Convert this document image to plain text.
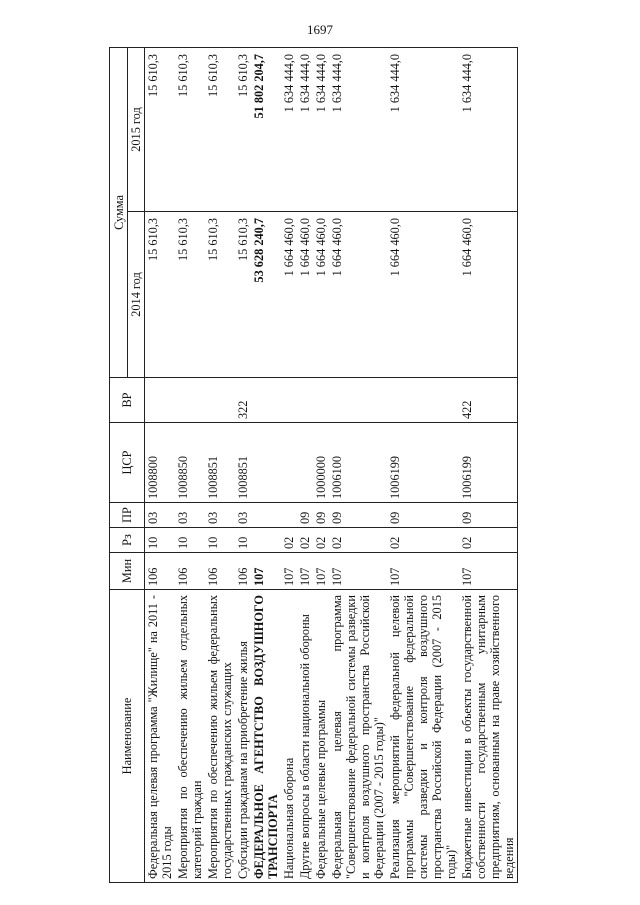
1697
Наименование	Мин	Рз	ПР	ЦСР	ВР	Сумма	
						2014 год	2015 год
Федеральная целевая программа "Жилище" на 2011 - 2015 годы	106	10	03	1008800		15 610,3	15 610,3
Мероприятия по обеспечению жильем отдельных категорий граждан	106	10	03	1008850		15 610,3	15 610,3
Мероприятия по обеспечению жильем федеральных государственных гражданских служащих	106	10	03	1008851		15 610,3	15 610,3
Субсидии гражданам на приобретение жилья	106	10	03	1008851	322	15 610,3	15 610,3
ФЕДЕРАЛЬНОЕ АГЕНТСТВО ВОЗДУШНОГО ТРАНСПОРТА	107					53 628 240,7	51 802 204,7
Национальная оборона	107	02				1 664 460,0	1 634 444,0
Другие вопросы в области национальной обороны	107	02	09			1 664 460,0	1 634 444,0
Федеральные целевые программы	107	02	09	1000000		1 664 460,0	1 634 444,0
Федеральная целевая программа "Совершенствование федеральной системы разведки и контроля воздушного пространства Российской Федерации (2007 - 2015 годы)"	107	02	09	1006100		1 664 460,0	1 634 444,0
Реализация мероприятий федеральной целевой программы "Совершенствование федеральной системы разведки и контроля воздушного пространства Российской Федерации (2007 - 2015 годы)"	107	02	09	1006199		1 664 460,0	1 634 444,0
Бюджетные инвестиции в объекты государственной собственности государственным унитарным предприятиям, основанным на праве хозяйственного ведения	107	02	09	1006199	422	1 664 460,0	1 634 444,0
